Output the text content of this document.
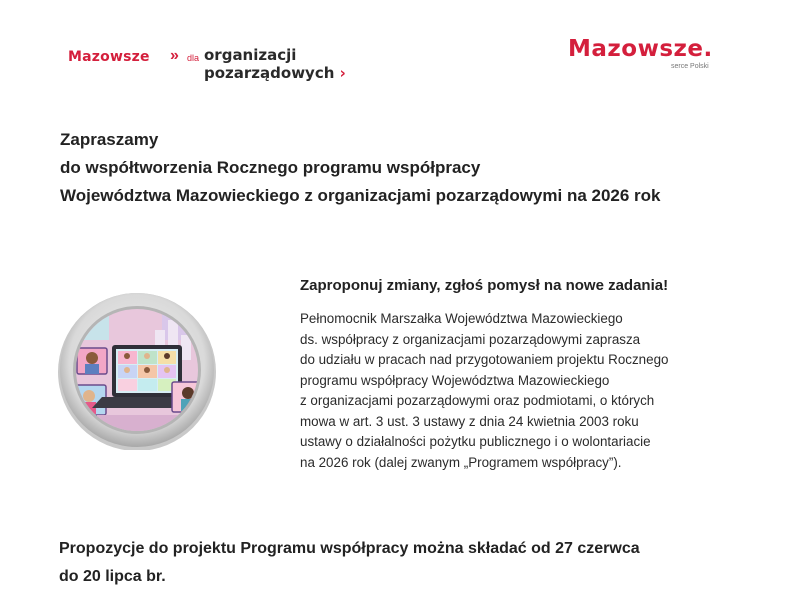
Mazowsze » dla organizacji
pozarządowych ›
Mazowsze.
serce Polski
Zapraszamy
do współtworzenia Rocznego programu współpracy
Województwa Mazowieckiego z organizacjami pozarządowymi na 2026 rok
Zaproponuj zmiany, zgłoś pomysł na nowe zadania!
Pełnomocnik Marszałka Województwa Mazowieckiego
ds. współpracy z organizacjami pozarządowymi zaprasza
do udziału w pracach nad przygotowaniem projektu Rocznego
programu współpracy Województwa Mazowieckiego
z organizacjami pozarządowymi oraz podmiotami, o których
mowa w art. 3 ust. 3 ustawy z dnia 24 kwietnia 2003 roku
ustawy o działalności pożytku publicznego i o wolontariacie
na 2026 rok (dalej zwanym „Programem współpracy”).
Propozycje do projektu Programu współpracy można składać od 27 czerwca
do 20 lipca br.
